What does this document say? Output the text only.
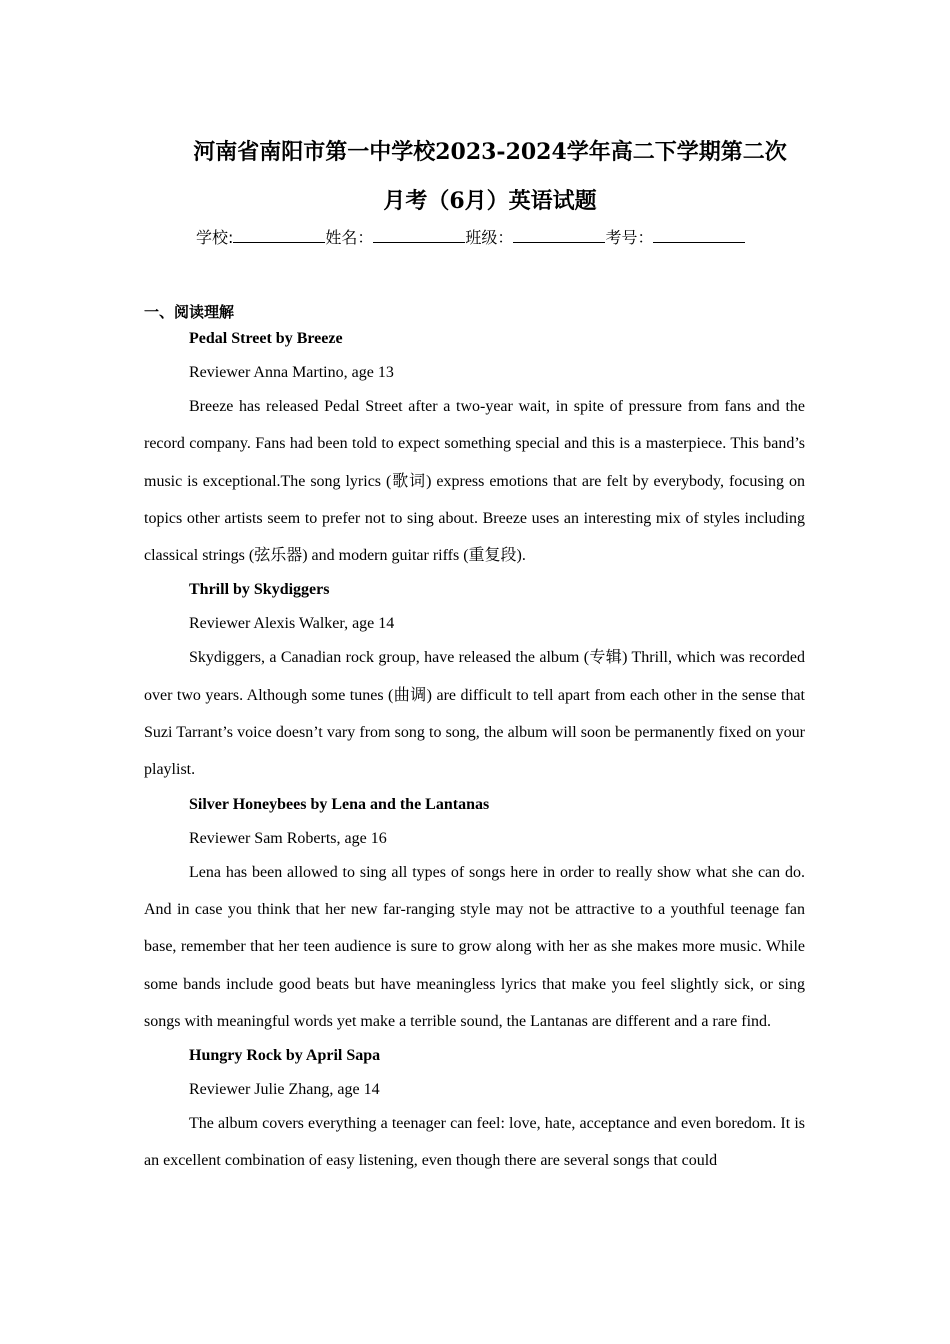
河南省南阳市第一中学校2023-2024学年高二下学期第二次
月考（6月）英语试题
学校:	姓名：	班级：	考号：
一、阅读理解

Pedal Street by Breeze

Reviewer Anna Martino, age 13

Breeze has released Pedal Street after a two-year wait, in spite of pressure from fans and the record company. Fans had been told to expect something special and this is a masterpiece. This band’s music is exceptional.The song lyrics (歌词) express emotions that are felt by everybody, focusing on topics other artists seem to prefer not to sing about. Breeze uses an interesting mix of styles including classical strings (弦乐器) and modern guitar riffs (重复段).

Thrill by Skydiggers

Reviewer Alexis Walker, age 14

Skydiggers, a Canadian rock group, have released the album (专辑) Thrill, which was recorded over two years. Although some tunes (曲调) are difficult to tell apart from each other in the sense that Suzi Tarrant’s voice doesn’t vary from song to song, the album will soon be permanently fixed on your playlist.

Silver Honeybees by Lena and the Lantanas

Reviewer Sam Roberts, age 16

Lena has been allowed to sing all types of songs here in order to really show what she can do. And in case you think that her new far-ranging style may not be attractive to a youthful teenage fan base, remember that her teen audience is sure to grow along with her as she makes more music. While some bands include good beats but have meaningless lyrics that make you feel slightly sick, or sing songs with meaningful words yet make a terrible sound, the Lantanas are different and a rare find.

Hungry Rock by April Sapa

Reviewer Julie Zhang, age 14

The album covers everything a teenager can feel: love, hate, acceptance and even boredom. It is an excellent combination of easy listening, even though there are several songs that could
